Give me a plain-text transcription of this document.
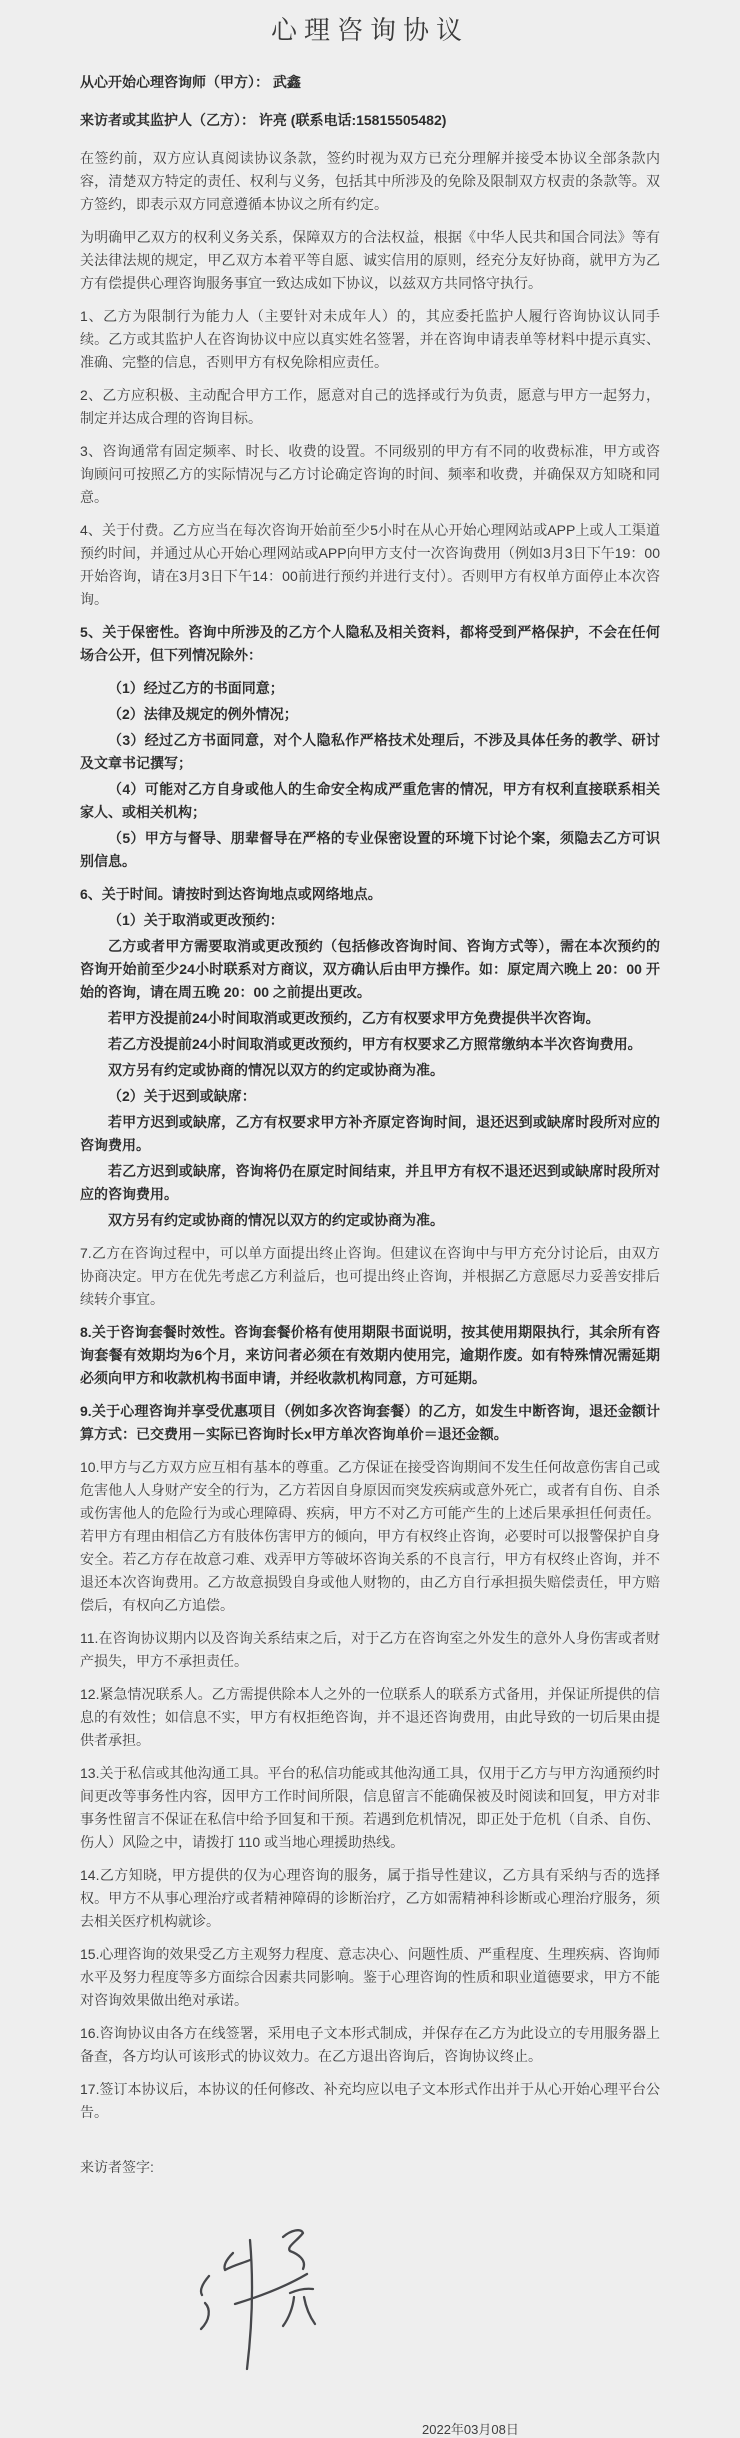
心理咨询协议

从心开始心理咨询师（甲方）： 武鑫

来访者或其监护人（乙方）： 许亮 (联系电话:15815505482)

在签约前，双方应认真阅读协议条款，签约时视为双方已充分理解并接受本协议全部条款内容，清楚双方特定的责任、权利与义务，包括其中所涉及的免除及限制双方权责的条款等。双方签约，即表示双方同意遵循本协议之所有约定。

为明确甲乙双方的权利义务关系，保障双方的合法权益，根据《中华人民共和国合同法》等有关法律法规的规定，甲乙双方本着平等自愿、诚实信用的原则，经充分友好协商，就甲方为乙方有偿提供心理咨询服务事宜一致达成如下协议，以兹双方共同恪守执行。

1、乙方为限制行为能力人（主要针对未成年人）的，其应委托监护人履行咨询协议认同手续。乙方或其监护人在咨询协议中应以真实姓名签署，并在咨询申请表单等材料中提示真实、准确、完整的信息，否则甲方有权免除相应责任。

2、乙方应积极、主动配合甲方工作，愿意对自己的选择或行为负责，愿意与甲方一起努力，制定并达成合理的咨询目标。

3、咨询通常有固定频率、时长、收费的设置。不同级别的甲方有不同的收费标准，甲方或咨询顾问可按照乙方的实际情况与乙方讨论确定咨询的时间、频率和收费，并确保双方知晓和同意。

4、关于付费。乙方应当在每次咨询开始前至少5小时在从心开始心理网站或APP上或人工渠道预约时间，并通过从心开始心理网站或APP向甲方支付一次咨询费用（例如3月3日下午19：00开始咨询，请在3月3日下午14：00前进行预约并进行支付）。否则甲方有权单方面停止本次咨询。

5、关于保密性。咨询中所涉及的乙方个人隐私及相关资料，都将受到严格保护，不会在任何场合公开，但下列情况除外：

（1）经过乙方的书面同意；

（2）法律及规定的例外情况；

（3）经过乙方书面同意，对个人隐私作严格技术处理后，不涉及具体任务的教学、研讨及文章书记撰写；

（4）可能对乙方自身或他人的生命安全构成严重危害的情况，甲方有权利直接联系相关家人、或相关机构；

（5）甲方与督导、朋辈督导在严格的专业保密设置的环境下讨论个案，须隐去乙方可识别信息。

6、关于时间。请按时到达咨询地点或网络地点。

（1）关于取消或更改预约：

乙方或者甲方需要取消或更改预约（包括修改咨询时间、咨询方式等），需在本次预约的咨询开始前至少24小时联系对方商议，双方确认后由甲方操作。如：原定周六晚上 20：00 开始的咨询，请在周五晚 20：00 之前提出更改。

若甲方没提前24小时间取消或更改预约，乙方有权要求甲方免费提供半次咨询。

若乙方没提前24小时间取消或更改预约，甲方有权要求乙方照常缴纳本半次咨询费用。

双方另有约定或协商的情况以双方的约定或协商为准。

（2）关于迟到或缺席：

若甲方迟到或缺席，乙方有权要求甲方补齐原定咨询时间，退还迟到或缺席时段所对应的咨询费用。

若乙方迟到或缺席，咨询将仍在原定时间结束，并且甲方有权不退还迟到或缺席时段所对应的咨询费用。

双方另有约定或协商的情况以双方的约定或协商为准。

7.乙方在咨询过程中，可以单方面提出终止咨询。但建议在咨询中与甲方充分讨论后，由双方协商决定。甲方在优先考虑乙方利益后，也可提出终止咨询，并根据乙方意愿尽力妥善安排后续转介事宜。

8.关于咨询套餐时效性。咨询套餐价格有使用期限书面说明，按其使用期限执行，其余所有咨询套餐有效期均为6个月，来访问者必须在有效期内使用完，逾期作废。如有特殊情况需延期必须向甲方和收款机构书面申请，并经收款机构同意，方可延期。

9.关于心理咨询并享受优惠项目（例如多次咨询套餐）的乙方，如发生中断咨询，退还金额计算方式：已交费用－实际已咨询时长x甲方单次咨询单价＝退还金额。

10.甲方与乙方双方应互相有基本的尊重。乙方保证在接受咨询期间不发生任何故意伤害自己或危害他人人身财产安全的行为，乙方若因自身原因而突发疾病或意外死亡，或者有自伤、自杀或伤害他人的危险行为或心理障碍、疾病，甲方不对乙方可能产生的上述后果承担任何责任。若甲方有理由相信乙方有肢体伤害甲方的倾向，甲方有权终止咨询，必要时可以报警保护自身安全。若乙方存在故意刁难、戏弄甲方等破坏咨询关系的不良言行，甲方有权终止咨询，并不退还本次咨询费用。乙方故意损毁自身或他人财物的，由乙方自行承担损失赔偿责任，甲方赔偿后，有权向乙方追偿。

11.在咨询协议期内以及咨询关系结束之后，对于乙方在咨询室之外发生的意外人身伤害或者财产损失，甲方不承担责任。

12.紧急情况联系人。乙方需提供除本人之外的一位联系人的联系方式备用，并保证所提供的信息的有效性；如信息不实，甲方有权拒绝咨询，并不退还咨询费用，由此导致的一切后果由提供者承担。

13.关于私信或其他沟通工具。平台的私信功能或其他沟通工具，仅用于乙方与甲方沟通预约时间更改等事务性内容，因甲方工作时间所限，信息留言不能确保被及时阅读和回复，甲方对非事务性留言不保证在私信中给予回复和干预。若遇到危机情况，即正处于危机（自杀、自伤、伤人）风险之中，请拨打 110 或当地心理援助热线。

14.乙方知晓，甲方提供的仅为心理咨询的服务，属于指导性建议，乙方具有采纳与否的选择权。甲方不从事心理治疗或者精神障碍的诊断治疗，乙方如需精神科诊断或心理治疗服务，须去相关医疗机构就诊。

15.心理咨询的效果受乙方主观努力程度、意志决心、问题性质、严重程度、生理疾病、咨询师水平及努力程度等多方面综合因素共同影响。鉴于心理咨询的性质和职业道德要求，甲方不能对咨询效果做出绝对承诺。

16.咨询协议由各方在线签署，采用电子文本形式制成，并保存在乙方为此设立的专用服务器上备查，各方均认可该形式的协议效力。在乙方退出咨询后，咨询协议终止。

17.签订本协议后，本协议的任何修改、补充均应以电子文本形式作出并于从心开始心理平台公告。

来访者签字:
2022年03月08日
